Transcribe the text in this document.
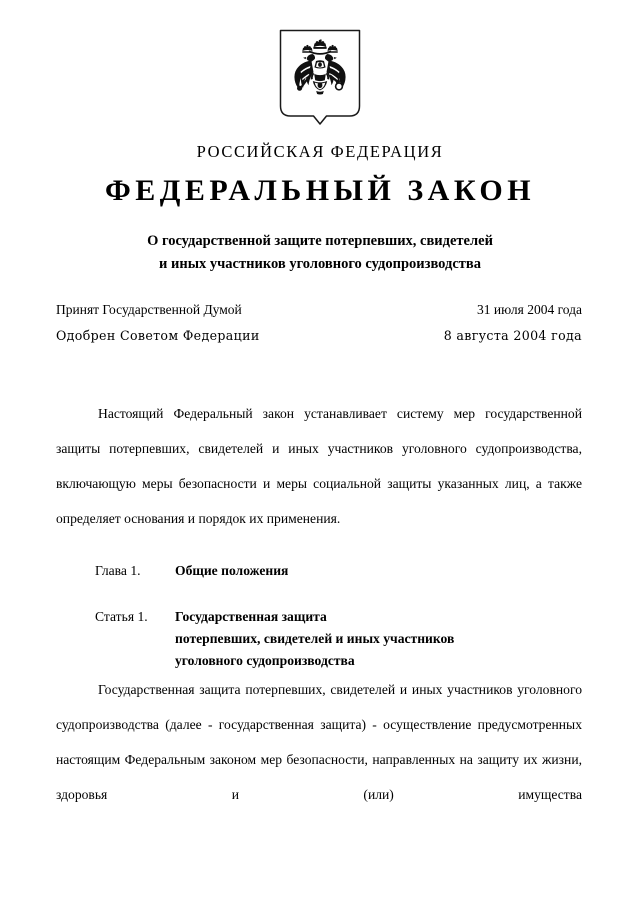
РОССИЙСКАЯ ФЕДЕРАЦИЯ
ФЕДЕРАЛЬНЫЙ ЗАКОН
О государственной защите потерпевших, свидетелей
и иных участников уголовного судопроизводства
Принят Государственной Думой	31 июля 2004 года
Одобрен Советом Федерации	8 августа 2004 года

Настоящий Федеральный закон устанавливает систему мер государственной защиты потерпевших, свидетелей и иных участников уголовного судопроизводства, включающую меры безопасности и меры социальной защиты указанных лиц, а также определяет основания и порядок их применения.

Глава 1.	Общие положения
Статья 1.	Государственная защита
потерпевших, свидетелей и иных участников
уголовного судопроизводства

Государственная защита потерпевших, свидетелей и иных участников уголовного судопроизводства (далее - государственная защита) - осуществление предусмотренных настоящим Федеральным законом мер безопасности, направленных на защиту их жизни, здоровья и (или) имущества
